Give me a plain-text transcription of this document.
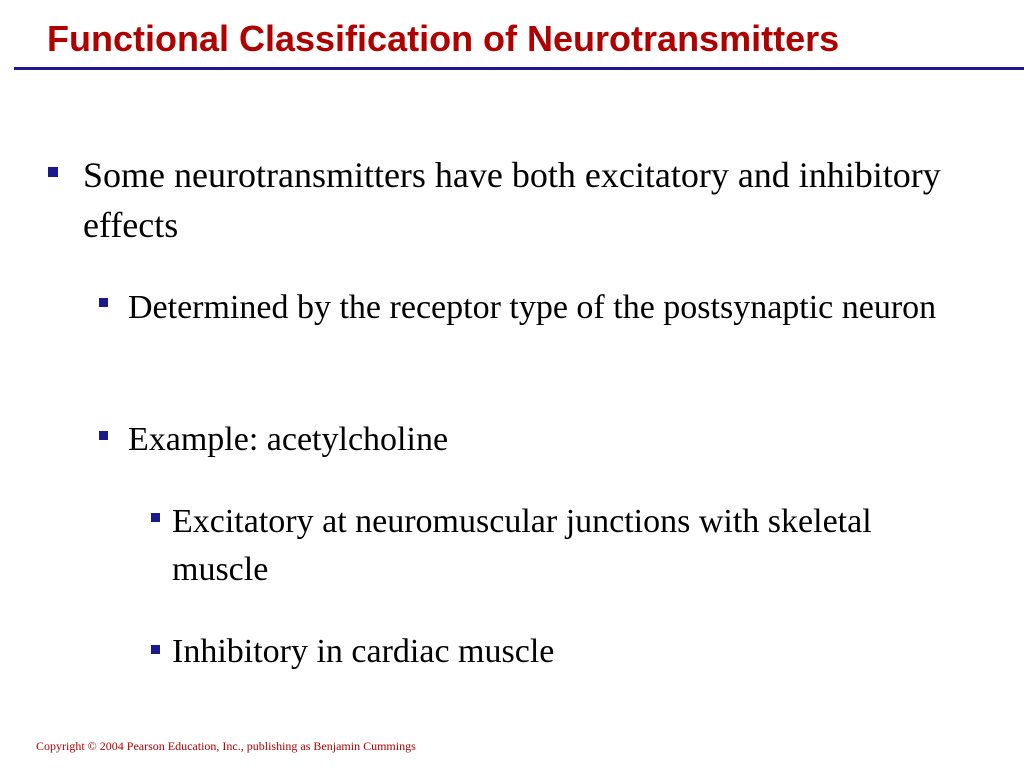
Functional Classification of Neurotransmitters
Some neurotransmitters have both excitatory and inhibitory effects
Determined by the receptor type of the postsynaptic neuron
Example: acetylcholine
Excitatory at neuromuscular junctions with skeletal muscle
Inhibitory in cardiac muscle
Copyright © 2004 Pearson Education, Inc., publishing as Benjamin Cummings
